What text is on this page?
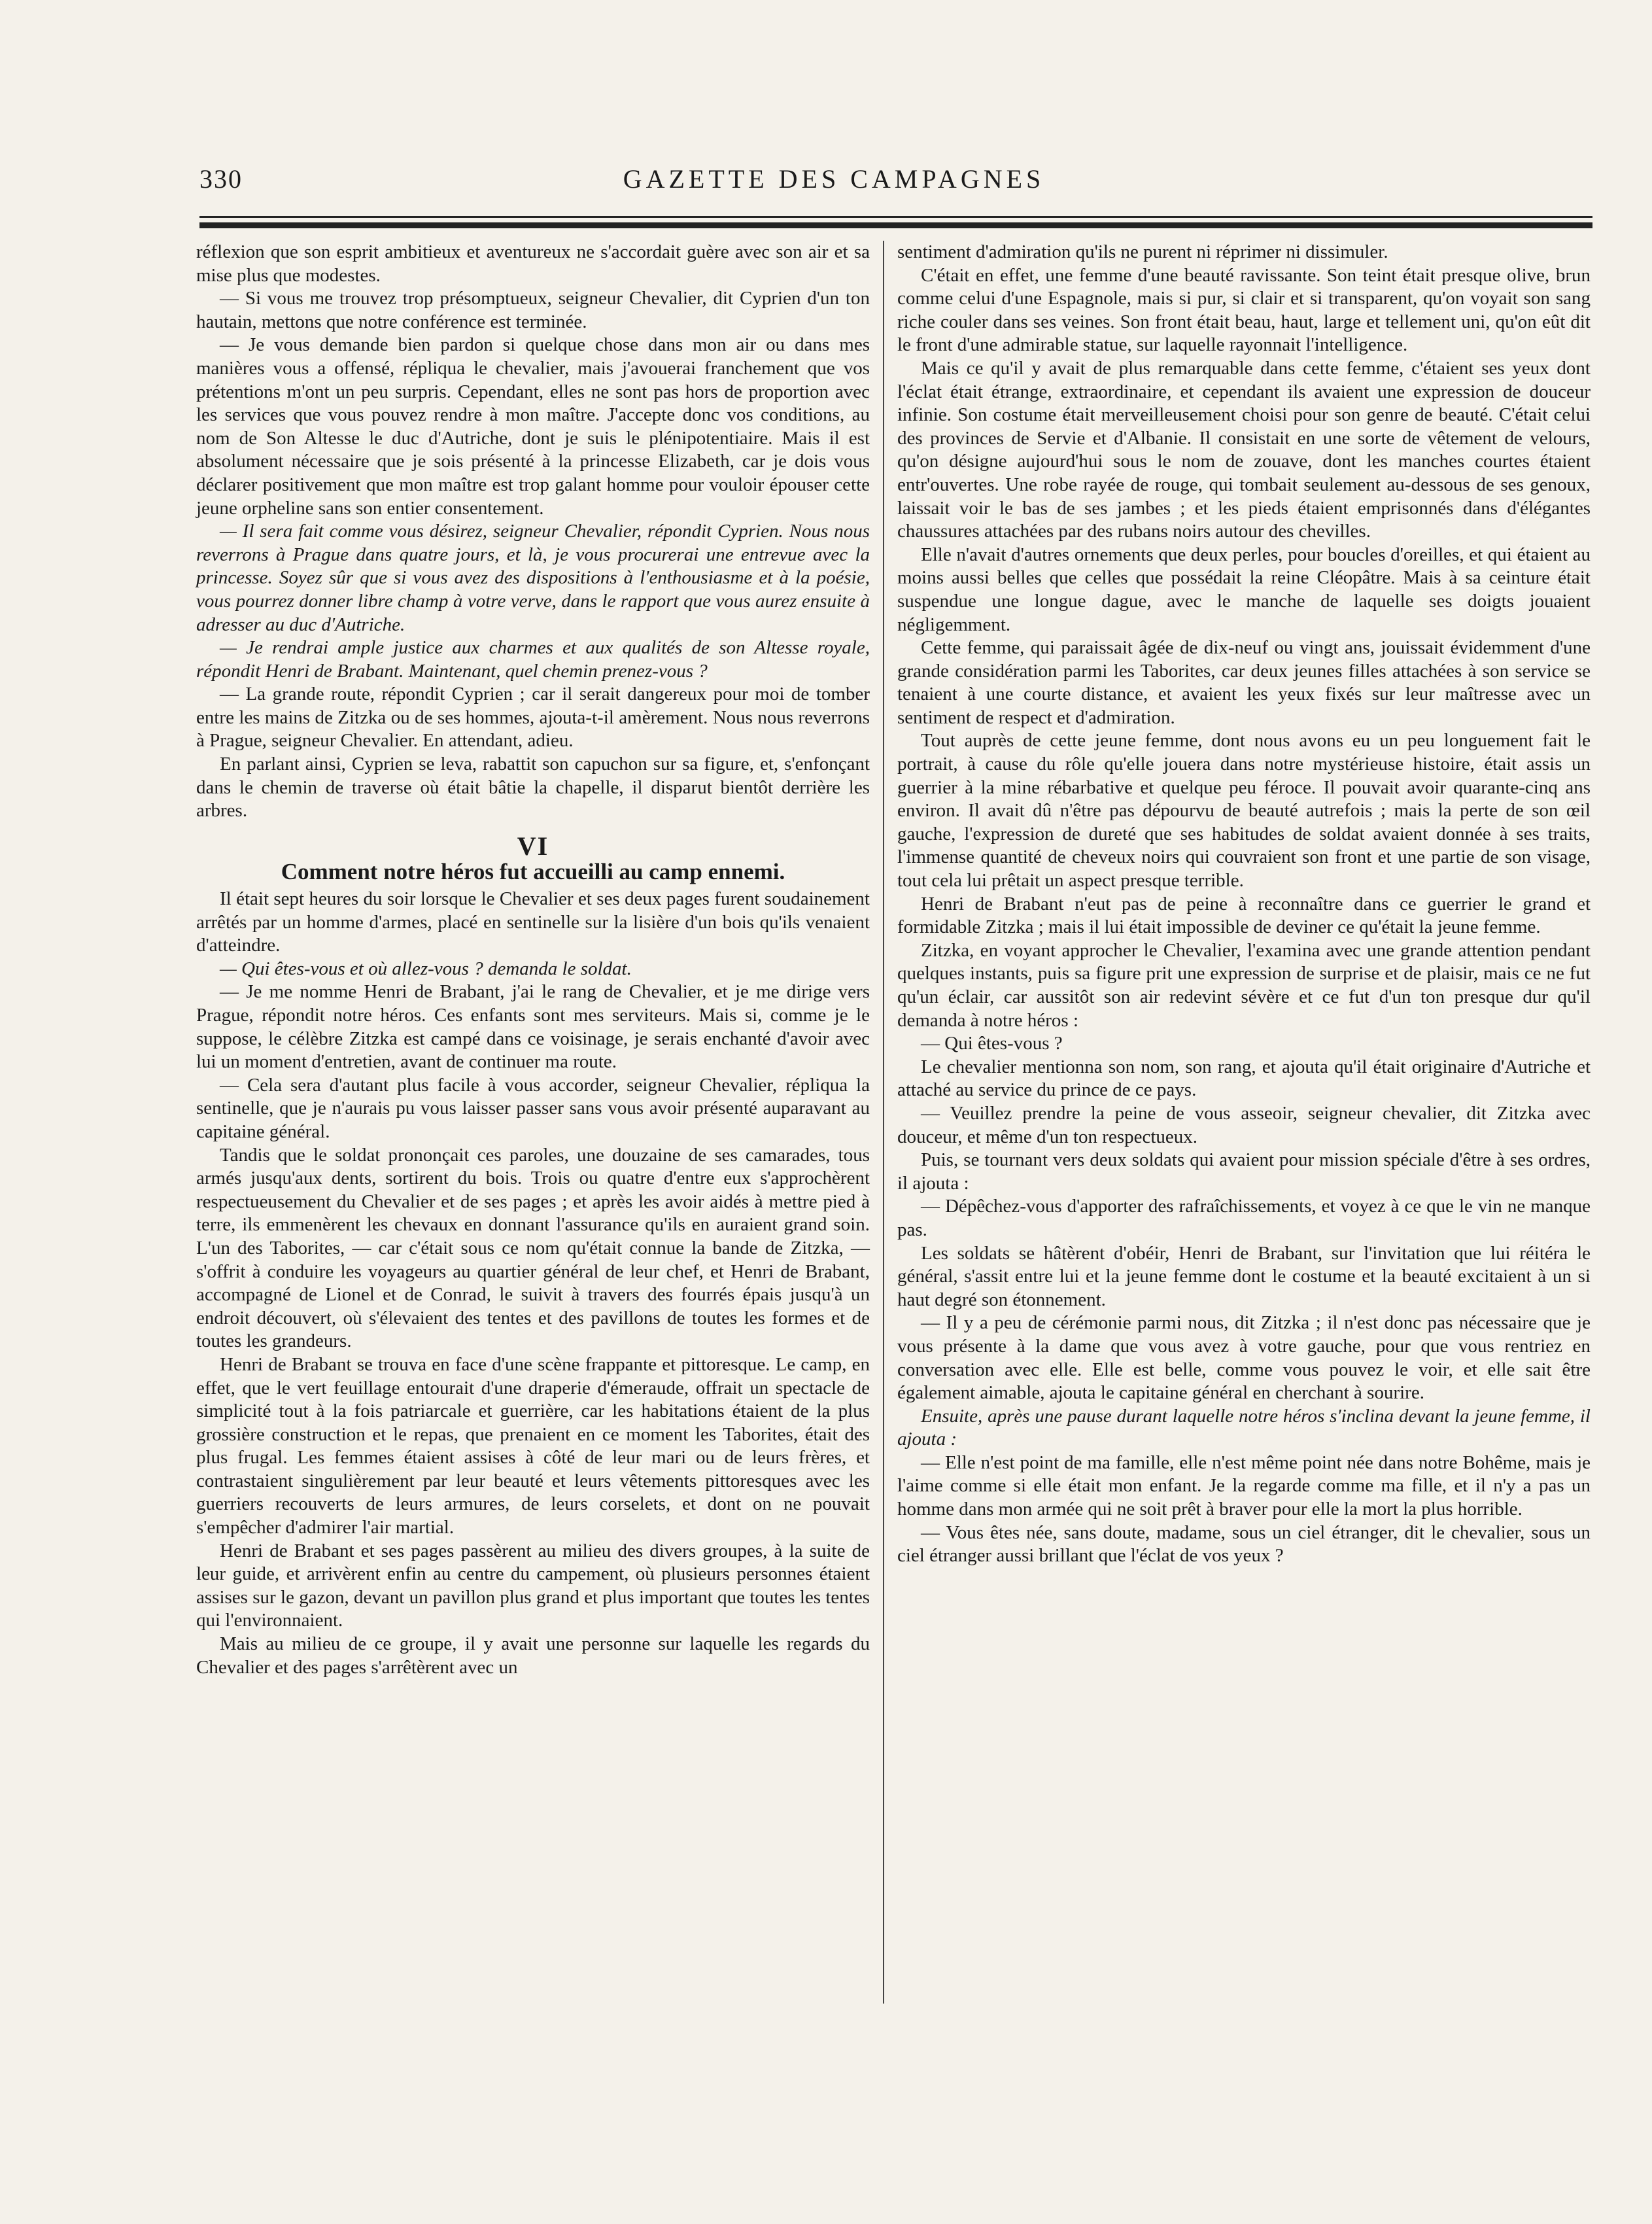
330	GAZETTE DES CAMPAGNES

réflexion que son esprit ambitieux et aventureux ne s'accordait guère avec son air et sa mise plus que modestes.

— Si vous me trouvez trop présomptueux, seigneur Chevalier, dit Cyprien d'un ton hautain, mettons que notre conférence est terminée.

— Je vous demande bien pardon si quelque chose dans mon air ou dans mes manières vous a offensé, répliqua le chevalier, mais j'avouerai franchement que vos prétentions m'ont un peu surpris. Cependant, elles ne sont pas hors de proportion avec les services que vous pouvez rendre à mon maître. J'accepte donc vos conditions, au nom de Son Altesse le duc d'Autriche, dont je suis le plénipotentiaire. Mais il est absolument nécessaire que je sois présenté à la princesse Elizabeth, car je dois vous déclarer positivement que mon maître est trop galant homme pour vouloir épouser cette jeune orpheline sans son entier consentement.

— Il sera fait comme vous désirez, seigneur Chevalier, répondit Cyprien. Nous nous reverrons à Prague dans quatre jours, et là, je vous procurerai une entrevue avec la princesse. Soyez sûr que si vous avez des dispositions à l'enthousiasme et à la poésie, vous pourrez donner libre champ à votre verve, dans le rapport que vous aurez ensuite à adresser au duc d'Autriche.

— Je rendrai ample justice aux charmes et aux qualités de son Altesse royale, répondit Henri de Brabant. Maintenant, quel chemin prenez-vous ?

— La grande route, répondit Cyprien ; car il serait dangereux pour moi de tomber entre les mains de Zitzka ou de ses hommes, ajouta-t-il amèrement. Nous nous reverrons à Prague, seigneur Chevalier. En attendant, adieu.

En parlant ainsi, Cyprien se leva, rabattit son capuchon sur sa figure, et, s'enfonçant dans le chemin de traverse où était bâtie la chapelle, il disparut bientôt derrière les arbres.

VI
Comment notre héros fut accueilli au camp ennemi.

Il était sept heures du soir lorsque le Chevalier et ses deux pages furent soudainement arrêtés par un homme d'armes, placé en sentinelle sur la lisière d'un bois qu'ils venaient d'atteindre.

— Qui êtes-vous et où allez-vous ? demanda le soldat.

— Je me nomme Henri de Brabant, j'ai le rang de Chevalier, et je me dirige vers Prague, répondit notre héros. Ces enfants sont mes serviteurs. Mais si, comme je le suppose, le célèbre Zitzka est campé dans ce voisinage, je serais enchanté d'avoir avec lui un moment d'entretien, avant de continuer ma route.

— Cela sera d'autant plus facile à vous accorder, seigneur Chevalier, répliqua la sentinelle, que je n'aurais pu vous laisser passer sans vous avoir présenté auparavant au capitaine général.

Tandis que le soldat prononçait ces paroles, une douzaine de ses camarades, tous armés jusqu'aux dents, sortirent du bois. Trois ou quatre d'entre eux s'approchèrent respectueusement du Chevalier et de ses pages ; et après les avoir aidés à mettre pied à terre, ils emmenèrent les chevaux en donnant l'assurance qu'ils en auraient grand soin. L'un des Taborites, — car c'était sous ce nom qu'était connue la bande de Zitzka, — s'offrit à conduire les voyageurs au quartier général de leur chef, et Henri de Brabant, accompagné de Lionel et de Conrad, le suivit à travers des fourrés épais jusqu'à un endroit découvert, où s'élevaient des tentes et des pavillons de toutes les formes et de toutes les grandeurs.

Henri de Brabant se trouva en face d'une scène frappante et pittoresque. Le camp, en effet, que le vert feuillage entourait d'une draperie d'émeraude, offrait un spectacle de simplicité tout à la fois patriarcale et guerrière, car les habitations étaient de la plus grossière construction et le repas, que prenaient en ce moment les Taborites, était des plus frugal. Les femmes étaient assises à côté de leur mari ou de leurs frères, et contrastaient singulièrement par leur beauté et leurs vêtements pittoresques avec les guerriers recouverts de leurs armures, de leurs corselets, et dont on ne pouvait s'empêcher d'admirer l'air martial.

Henri de Brabant et ses pages passèrent au milieu des divers groupes, à la suite de leur guide, et arrivèrent enfin au centre du campement, où plusieurs personnes étaient assises sur le gazon, devant un pavillon plus grand et plus important que toutes les tentes qui l'environnaient.

Mais au milieu de ce groupe, il y avait une personne sur laquelle les regards du Chevalier et des pages s'arrêtèrent avec un

sentiment d'admiration qu'ils ne purent ni réprimer ni dissimuler.

C'était en effet, une femme d'une beauté ravissante. Son teint était presque olive, brun comme celui d'une Espagnole, mais si pur, si clair et si transparent, qu'on voyait son sang riche couler dans ses veines. Son front était beau, haut, large et tellement uni, qu'on eût dit le front d'une admirable statue, sur laquelle rayonnait l'intelligence.

Mais ce qu'il y avait de plus remarquable dans cette femme, c'étaient ses yeux dont l'éclat était étrange, extraordinaire, et cependant ils avaient une expression de douceur infinie. Son costume était merveilleusement choisi pour son genre de beauté. C'était celui des provinces de Servie et d'Albanie. Il consistait en une sorte de vêtement de velours, qu'on désigne aujourd'hui sous le nom de zouave, dont les manches courtes étaient entr'ouvertes. Une robe rayée de rouge, qui tombait seulement au-dessous de ses genoux, laissait voir le bas de ses jambes ; et les pieds étaient emprisonnés dans d'élégantes chaussures attachées par des rubans noirs autour des chevilles.

Elle n'avait d'autres ornements que deux perles, pour boucles d'oreilles, et qui étaient au moins aussi belles que celles que possédait la reine Cléopâtre. Mais à sa ceinture était suspendue une longue dague, avec le manche de laquelle ses doigts jouaient négligemment.

Cette femme, qui paraissait âgée de dix-neuf ou vingt ans, jouissait évidemment d'une grande considération parmi les Taborites, car deux jeunes filles attachées à son service se tenaient à une courte distance, et avaient les yeux fixés sur leur maîtresse avec un sentiment de respect et d'admiration.

Tout auprès de cette jeune femme, dont nous avons eu un peu longuement fait le portrait, à cause du rôle qu'elle jouera dans notre mystérieuse histoire, était assis un guerrier à la mine rébarbative et quelque peu féroce. Il pouvait avoir quarante-cinq ans environ. Il avait dû n'être pas dépourvu de beauté autrefois ; mais la perte de son œil gauche, l'expression de dureté que ses habitudes de soldat avaient donnée à ses traits, l'immense quantité de cheveux noirs qui couvraient son front et une partie de son visage, tout cela lui prêtait un aspect presque terrible.

Henri de Brabant n'eut pas de peine à reconnaître dans ce guerrier le grand et formidable Zitzka ; mais il lui était impossible de deviner ce qu'était la jeune femme.

Zitzka, en voyant approcher le Chevalier, l'examina avec une grande attention pendant quelques instants, puis sa figure prit une expression de surprise et de plaisir, mais ce ne fut qu'un éclair, car aussitôt son air redevint sévère et ce fut d'un ton presque dur qu'il demanda à notre héros :

— Qui êtes-vous ?

Le chevalier mentionna son nom, son rang, et ajouta qu'il était originaire d'Autriche et attaché au service du prince de ce pays.

— Veuillez prendre la peine de vous asseoir, seigneur chevalier, dit Zitzka avec douceur, et même d'un ton respectueux.

Puis, se tournant vers deux soldats qui avaient pour mission spéciale d'être à ses ordres, il ajouta :

— Dépêchez-vous d'apporter des rafraîchissements, et voyez à ce que le vin ne manque pas.

Les soldats se hâtèrent d'obéir, Henri de Brabant, sur l'invitation que lui réitéra le général, s'assit entre lui et la jeune femme dont le costume et la beauté excitaient à un si haut degré son étonnement.

— Il y a peu de cérémonie parmi nous, dit Zitzka ; il n'est donc pas nécessaire que je vous présente à la dame que vous avez à votre gauche, pour que vous rentriez en conversation avec elle. Elle est belle, comme vous pouvez le voir, et elle sait être également aimable, ajouta le capitaine général en cherchant à sourire.

Ensuite, après une pause durant laquelle notre héros s'inclina devant la jeune femme, il ajouta :

— Elle n'est point de ma famille, elle n'est même point née dans notre Bohême, mais je l'aime comme si elle était mon enfant. Je la regarde comme ma fille, et il n'y a pas un homme dans mon armée qui ne soit prêt à braver pour elle la mort la plus horrible.

— Vous êtes née, sans doute, madame, sous un ciel étranger, dit le chevalier, sous un ciel étranger aussi brillant que l'éclat de vos yeux ?
